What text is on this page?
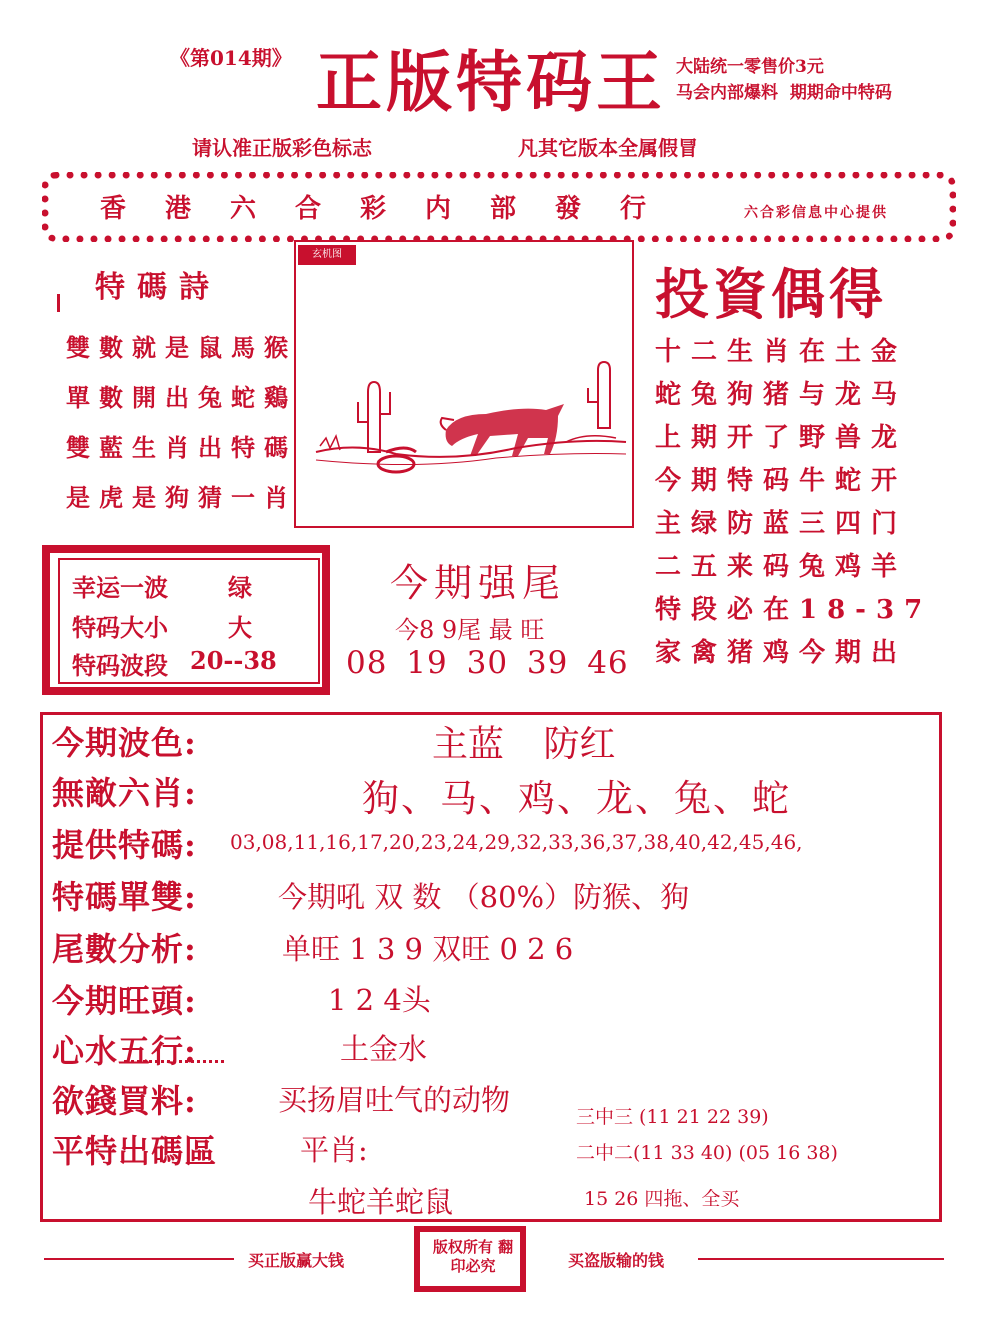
《第014期》 正版特码王 大陆统一零售价3元
马会内部爆料 期期命中特码
请认准正版彩色标志	凡其它版本全属假冒
香港六合彩内部發行	六合彩信息中心提供
特碼詩
雙數就是鼠馬猴
單數開出兔蛇鷄
雙藍生肖出特碼
是虎是狗猜一肖
玄机图
投資偶得
十二生肖在土金
蛇兔狗猪与龙马
上期开了野兽龙
今期特码牛蛇开
主绿防蓝三四门
二五来码兔鸡羊
特段必在18-37
家禽猪鸡今期出
幸运一波	绿
特码大小	大
特码波段 20--38
今期强尾
今8 9尾 最 旺
08 19 30 39 46
今期波色:	主蓝 防红
無敵六肖:	狗、马、鸡、龙、兔、蛇
提供特碼: 03,08,11,16,17,20,23,24,29,32,33,36,37,38,40,42,45,46,
特碼單雙:	今期吼 双 数 （80%）防猴、狗
尾數分析:	单旺 1 3 9 双旺 0 2 6
今期旺頭:	1 2 4头
心水五行:	土金水
欲錢買料:	买扬眉吐气的动物
平特出碼區	平肖:
牛蛇羊蛇鼠
三中三 (11 21 22 39)
二中二(11 33 40) (05 16 38)
15 26 四拖、全买
买正版赢大钱
版权所有 翻印必究	买盗版输的钱
